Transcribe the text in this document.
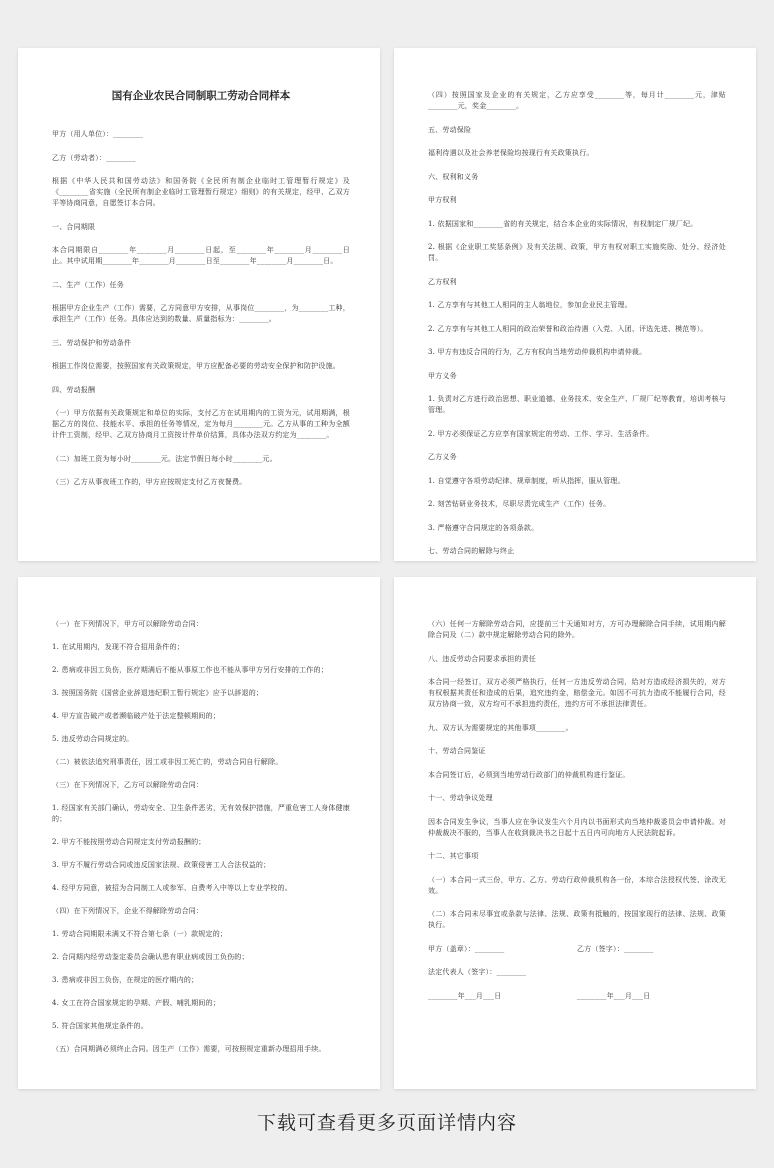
国有企业农民合同制职工劳动合同样本
甲方（用人单位）：________
乙方（劳动者）：________
根据《中华人民共和国劳动法》和国务院《全民所有制企业临时工管理暂行规定》及《________省实施（全民所有制企业临时工管理暂行规定）细则》的有关规定，经甲、乙双方平等协商同意，自愿签订本合同。
一、合同期限
本合同期限自________年________月________日起，至________年________月________日止。其中试用期________年________月________日至________年________月________日。
二、生产（工作）任务
根据甲方企业生产（工作）需要，乙方同意甲方安排，从事岗位________，为________工种，承担生产（工作）任务。具体应达到的数量、质量指标为：________。
三、劳动保护和劳动条件
根据工作岗位需要，按照国家有关政策规定，甲方应配备必要的劳动安全保护和防护设施。
四、劳动报酬
（一）甲方依据有关政策规定和单位的实际，支付乙方在试用期内的工资为元，试用期满，根据乙方的岗位、技能水平、承担的任务等情况，定为每月________元。乙方从事的工种为全额计件工资制，经甲、乙双方协商月工资按计件单价结算，具体办法双方约定为________。
（二）加班工资为每小时________元。法定节假日每小时________元。
（三）乙方从事夜班工作的，甲方应按规定支付乙方夜餐费。
（四）按照国家及企业的有关规定，乙方应享受________等，每月计________元，津贴________元，奖金________。
五、劳动保险
福利待遇以及社会养老保险均按现行有关政策执行。
六、权利和义务
甲方权利
1. 依据国家和________省的有关规定，结合本企业的实际情况，有权制定厂规厂纪。
2. 根据《企业职工奖惩条例》及有关法规、政策，甲方有权对职工实施奖励、处分、经济处罚。
乙方权利
1. 乙方享有与其他工人相同的主人翁地位，参加企业民主管理。
2. 乙方享有与其他工人相同的政治荣誉和政治待遇（入党、入团、评选先进、模范等）。
3. 甲方有违反合同的行为，乙方有权向当地劳动仲裁机构申请仲裁。
甲方义务
1. 负责对乙方进行政治思想、职业道德、业务技术、安全生产、厂规厂纪等教育，培训考核与管理。
2. 甲方必须保证乙方应享有国家规定的劳动、工作、学习、生活条件。
乙方义务
1. 自觉遵守各项劳动纪律、规章制度，听从指挥，服从管理。
2. 刻苦钻研业务技术，尽职尽责完成生产（工作）任务。
3. 严格遵守合同规定的各项条款。
七、劳动合同的解除与终止
（一）在下列情况下，甲方可以解除劳动合同：
1. 在试用期内，发现不符合招用条件的；
2. 患病或非因工负伤，医疗期满后不能从事原工作也不能从事甲方另行安排的工作的；
3. 按照国务院《国营企业辞退违纪职工暂行规定》应予以辞退的；
4. 甲方宣告破产或者濒临破产处于法定整顿期间的；
5. 违反劳动合同规定的。
（二）被依法追究刑事责任，因工或非因工死亡的，劳动合同自行解除。
（三）在下列情况下，乙方可以解除劳动合同：
1. 经国家有关部门确认，劳动安全、卫生条件恶劣，无有效保护措施，严重危害工人身体健康的；
2. 甲方不能按照劳动合同规定支付劳动报酬的；
3. 甲方不履行劳动合同或违反国家法规、政策侵害工人合法权益的；
4. 经甲方同意，被招为合同制工人或参军、自费考入中等以上专业学校的。
（四）在下列情况下，企业不得解除劳动合同：
1. 劳动合同期限未满又不符合第七条（一）款规定的；
2. 合同期内经劳动鉴定委员会确认患有职业病或因工负伤的；
3. 患病或非因工负伤，在规定的医疗期内的；
4. 女工在符合国家规定的孕期、产假、哺乳期间的；
5. 符合国家其他规定条件的。
（五）合同期满必须终止合同。因生产（工作）需要，可按照规定重新办理招用手续。
（六）任何一方解除劳动合同，应提前三十天通知对方，方可办理解除合同手续，试用期内解除合同及（二）款中规定解除劳动合同的除外。
八、违反劳动合同要求承担的责任
本合同一经签订，双方必须严格执行，任何一方违反劳动合同，给对方造成经济损失的，对方有权根据其责任和造成的后果，追究违约金，赔偿金元。如因不可抗力造成不能履行合同，经双方协商一致，双方均可不承担违约责任，违约方可不承担法律责任。
九、双方认为需要规定的其他事项________。
十、劳动合同鉴证
本合同签订后，必须到当地劳动行政部门的仲裁机构进行鉴证。
十一、劳动争议处理
因本合同发生争议，当事人应在争议发生六个月内以书面形式向当地仲裁委员会申请仲裁。对仲裁裁决不服的，当事人在收到裁决书之日起十五日内可向地方人民法院起诉。
十二、其它事项
（一）本合同一式三份，甲方、乙方、劳动行政仲裁机构各一份，本综合法授权代签、涂改无效。
（二）本合同未尽事宜或条款与法律、法规、政策有抵触的，按国家现行的法律、法规、政策执行。
甲方（盖章）：________	乙方（签字）：________
法定代表人（签字）：________
________年___月___日	________年___月___日
下载可查看更多页面详情内容
